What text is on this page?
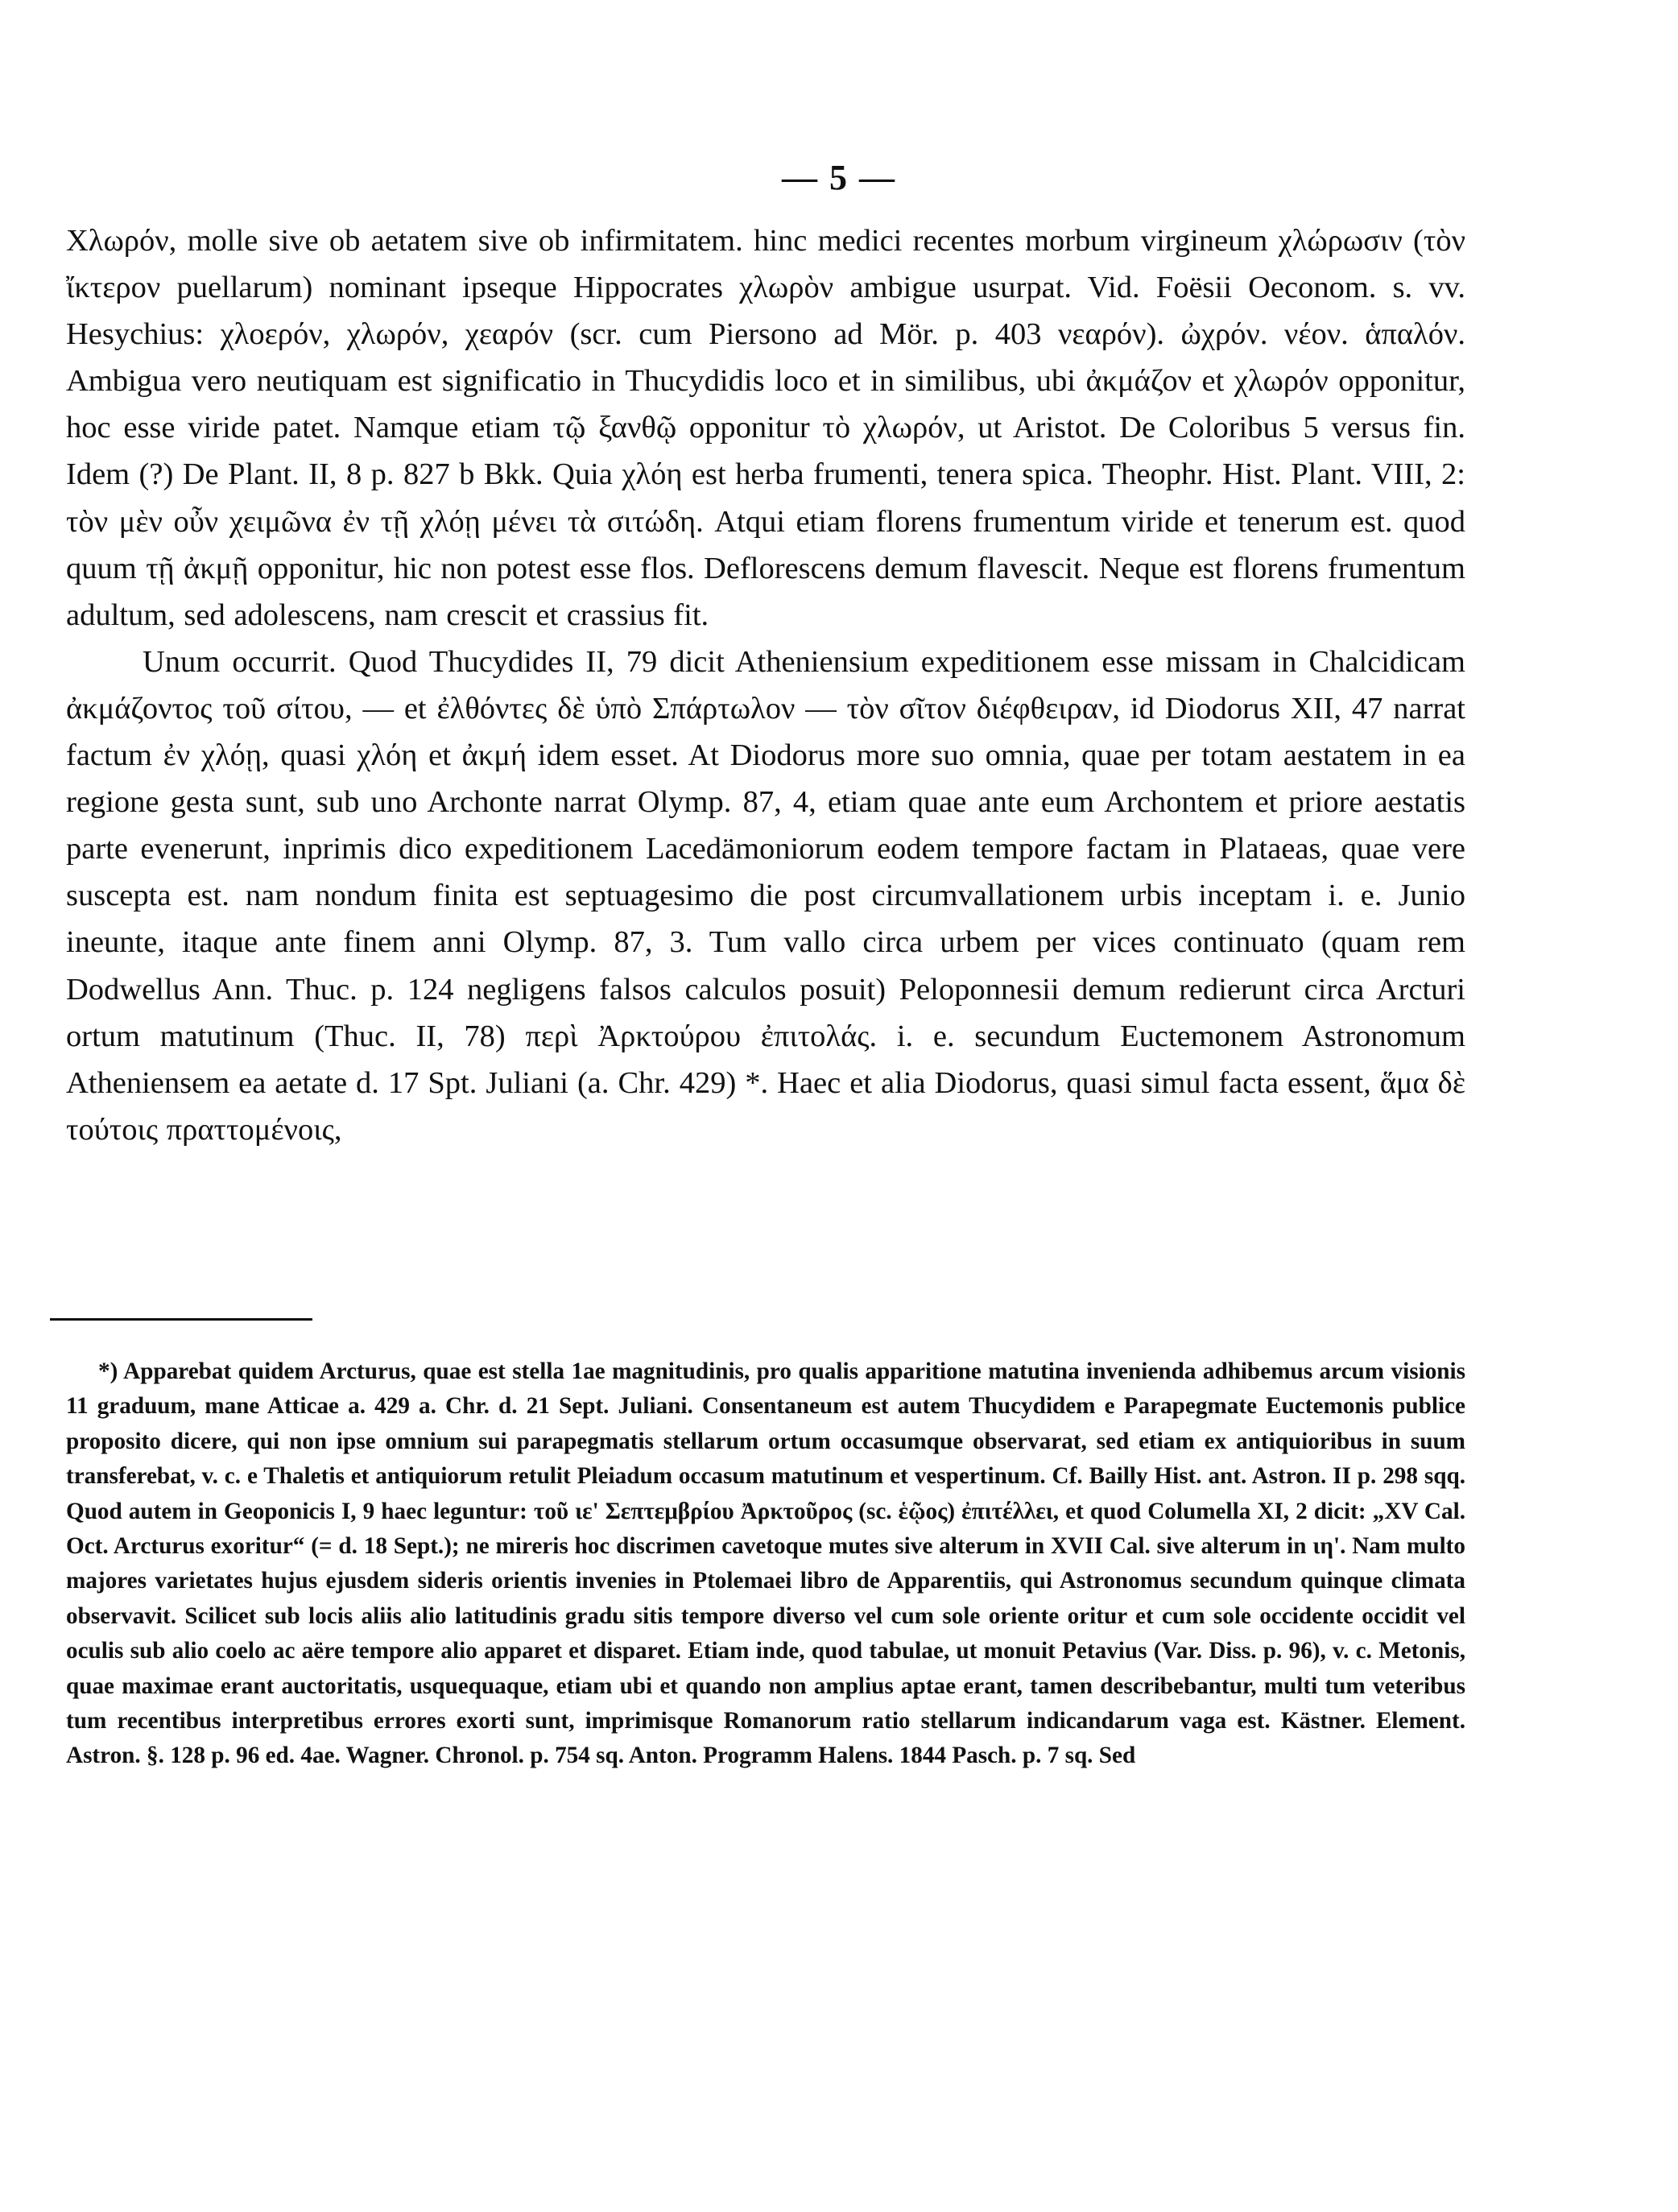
— 5 —

Χλωρόν, molle sive ob aetatem sive ob infirmitatem. hinc medici recentes morbum virgineum χλώρωσιν (τὸν ἴκτερον puellarum) nominant ipseque Hippocrates χλωρὸν ambigue usurpat. Vid. Foësii Oeconom. s. vv. Hesychius: χλοερόν, χλωρόν, χεαρόν (scr. cum Piersono ad Mör. p. 403 νεαρόν). ὠχρόν. νέον. ἁπαλόν. Ambigua vero neutiquam est significatio in Thucydidis loco et in similibus, ubi ἀκμάζον et χλωρόν opponitur, hoc esse viride patet. Namque etiam τῷ ξανθῷ opponitur τὸ χλωρόν, ut Aristot. De Coloribus 5 versus fin. Idem (?) De Plant. II, 8 p. 827 b Bkk. Quia χλόη est herba frumenti, tenera spica. Theophr. Hist. Plant. VIII, 2: τὸν μὲν οὖν χειμῶνα ἐν τῇ χλόῃ μένει τὰ σιτώδη. Atqui etiam florens frumentum viride et tenerum est. quod quum τῇ ἀκμῇ opponitur, hic non potest esse flos. Deflorescens demum flavescit. Neque est florens frumentum adultum, sed adolescens, nam crescit et crassius fit.

Unum occurrit. Quod Thucydides II, 79 dicit Atheniensium expeditionem esse missam in Chalcidicam ἀκμάζοντος τοῦ σίτου, — et ἐλθόντες δὲ ὑπὸ Σπάρτωλον — τὸν σῖτον διέφθειραν, id Diodorus XII, 47 narrat factum ἐν χλόῃ, quasi χλόη et ἀκμή idem esset. At Diodorus more suo omnia, quae per totam aestatem in ea regione gesta sunt, sub uno Archonte narrat Olymp. 87, 4, etiam quae ante eum Archontem et priore aestatis parte evenerunt, inprimis dico expeditionem Lacedämoniorum eodem tempore factam in Plataeas, quae vere suscepta est. nam nondum finita est septuagesimo die post circumvallationem urbis inceptam i. e. Junio ineunte, itaque ante finem anni Olymp. 87, 3. Tum vallo circa urbem per vices continuato (quam rem Dodwellus Ann. Thuc. p. 124 negligens falsos calculos posuit) Peloponnesii demum redierunt circa Arcturi ortum matutinum (Thuc. II, 78) περὶ Ἀρκτούρου ἐπιτολάς. i. e. secundum Euctemonem Astronomum Atheniensem ea aetate d. 17 Spt. Juliani (a. Chr. 429) *. Haec et alia Diodorus, quasi simul facta essent, ἅμα δὲ τούτοις πραττομένοις,

*) Apparebat quidem Arcturus, quae est stella 1ae magnitudinis, pro qualis apparitione matutina invenienda adhibemus arcum visionis 11 graduum, mane Atticae a. 429 a. Chr. d. 21 Sept. Juliani. Consentaneum est autem Thucydidem e Parapegmate Euctemonis publice proposito dicere, qui non ipse omnium sui parapegmatis stellarum ortum occasumque observarat, sed etiam ex antiquioribus in suum transferebat, v. c. e Thaletis et antiquiorum retulit Pleiadum occasum matutinum et vespertinum. Cf. Bailly Hist. ant. Astron. II p. 298 sqq. Quod autem in Geoponicis I, 9 haec leguntur: τοῦ ιε' Σεπτεμβρίου Ἀρκτοῦρος (sc. ἑῷος) ἐπιτέλλει, et quod Columella XI, 2 dicit: „XV Cal. Oct. Arcturus exoritur“ (= d. 18 Sept.); ne mireris hoc discrimen cavetoque mutes sive alterum in XVII Cal. sive alterum in ιη'. Nam multo majores varietates hujus ejusdem sideris orientis invenies in Ptolemaei libro de Apparentiis, qui Astronomus secundum quinque climata observavit. Scilicet sub locis aliis alio latitudinis gradu sitis tempore diverso vel cum sole oriente oritur et cum sole occidente occidit vel oculis sub alio coelo ac aëre tempore alio apparet et disparet. Etiam inde, quod tabulae, ut monuit Petavius (Var. Diss. p. 96), v. c. Metonis, quae maximae erant auctoritatis, usquequaque, etiam ubi et quando non amplius aptae erant, tamen describebantur, multi tum veteribus tum recentibus interpretibus errores exorti sunt, imprimisque Romanorum ratio stellarum indicandarum vaga est. Kästner. Element. Astron. §. 128 p. 96 ed. 4ae. Wagner. Chronol. p. 754 sq. Anton. Programm Halens. 1844 Pasch. p. 7 sq. Sed
